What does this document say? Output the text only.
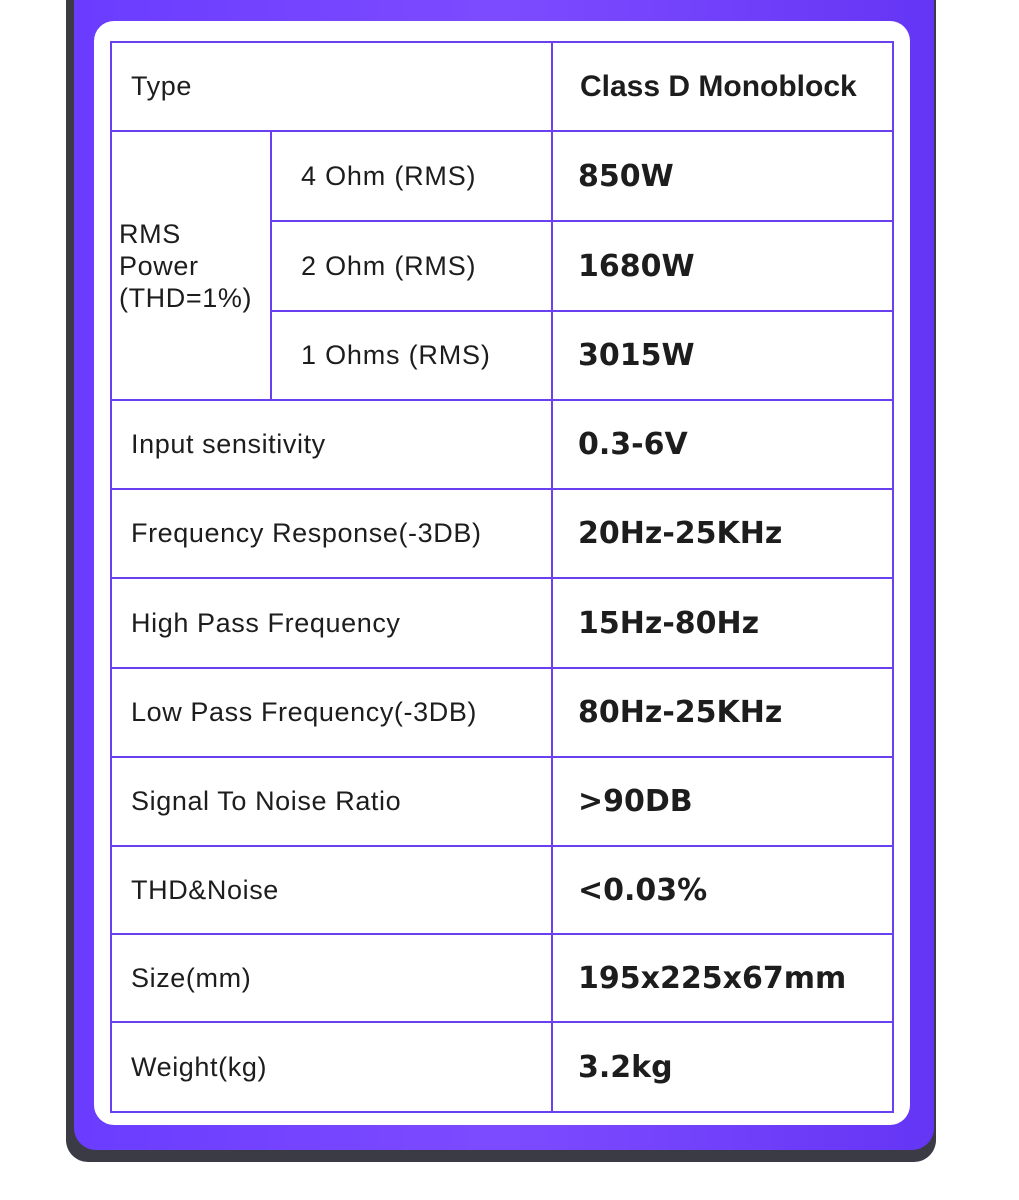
Type		Class D Monoblock
RMS
Power
(THD=1%)	4 Ohm (RMS)	850W
	2 Ohm (RMS)	1680W
	1 Ohms (RMS)	3015W
Input sensitivity		0.3-6V
Frequency Response(-3DB)		20Hz-25KHz
High Pass Frequency		15Hz-80Hz
Low Pass Frequency(-3DB)		80Hz-25KHz
Signal To Noise Ratio		>90DB
THD&Noise		<0.03%
Size(mm)		195x225x67mm
Weight(kg)		3.2kg
